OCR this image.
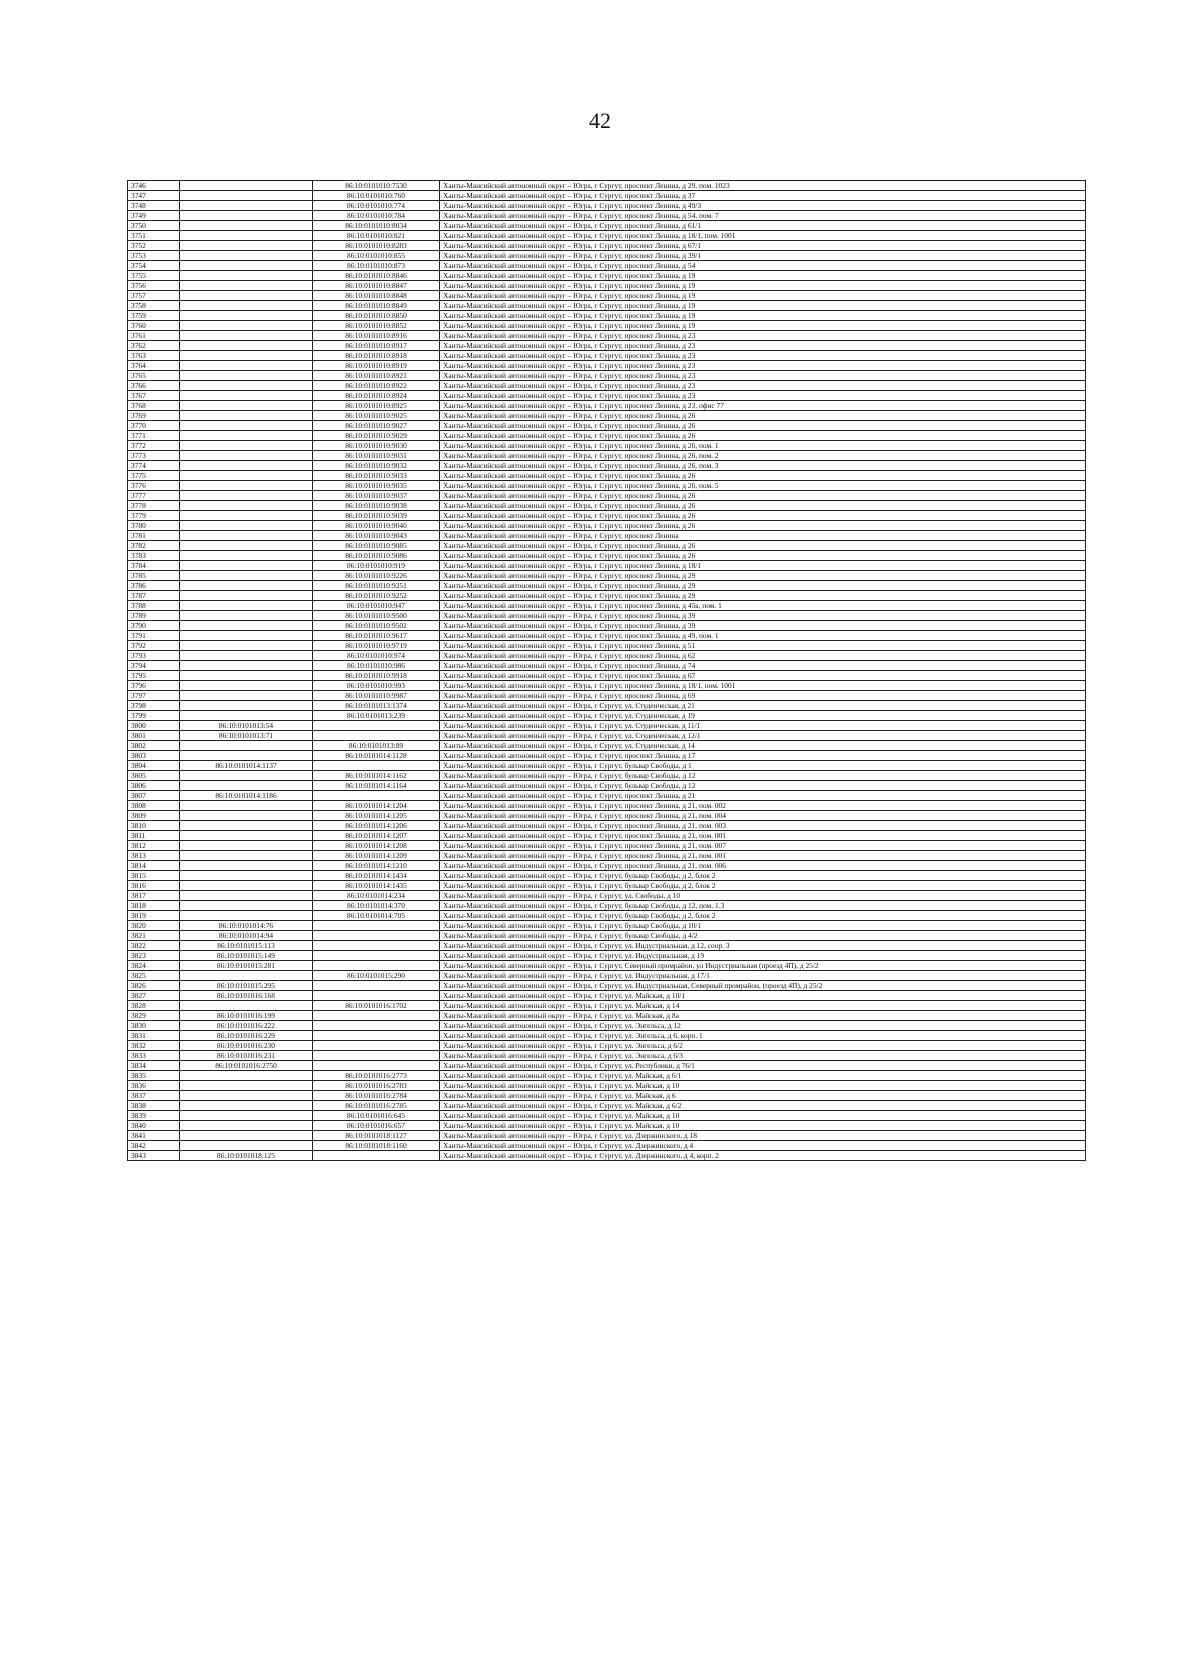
42
3746		86:10:0101010:7530	Ханты-Мансийский автономный округ – Югра, г Сургут, проспект Ленина, д 29, пом. 1023
3747		86:10:0101010:760	Ханты-Мансийский автономный округ – Югра, г Сургут, проспект Ленина, д 37
3748		86:10:0101010:774	Ханты-Мансийский автономный округ – Югра, г Сургут, проспект Ленина, д 49/3
3749		86:10:0101010:784	Ханты-Мансийский автономный округ – Югра, г Сургут, проспект Ленина, д 54, пом. 7
3750		86:10:0101010:8034	Ханты-Мансийский автономный округ – Югра, г Сургут, проспект Ленина, д 61/1
3751		86:10:0101010:821	Ханты-Мансийский автономный округ – Югра, г Сургут, проспект Ленина, д 18/1, пом. 1001
3752		86:10:0101010:8283	Ханты-Мансийский автономный округ – Югра, г Сургут, проспект Ленина, д 67/1
3753		86:10:0101010:855	Ханты-Мансийский автономный округ – Югра, г Сургут, проспект Ленина, д 39/1
3754		86:10:0101010:873	Ханты-Мансийский автономный округ – Югра, г Сургут, проспект Ленина, д 54
3755		86:10:0101010:8846	Ханты-Мансийский автономный округ – Югра, г Сургут, проспект Ленина, д 19
3756		86:10:0101010:8847	Ханты-Мансийский автономный округ – Югра, г Сургут, проспект Ленина, д 19
3757		86:10:0101010:8848	Ханты-Мансийский автономный округ – Югра, г Сургут, проспект Ленина, д 19
3758		86:10:0101010:8849	Ханты-Мансийский автономный округ – Югра, г Сургут, проспект Ленина, д 19
3759		86:10:0101010:8850	Ханты-Мансийский автономный округ – Югра, г Сургут, проспект Ленина, д 19
3760		86:10:0101010:8852	Ханты-Мансийский автономный округ – Югра, г Сургут, проспект Ленина, д 19
3761		86:10:0101010:8916	Ханты-Мансийский автономный округ – Югра, г Сургут, проспект Ленина, д 23
3762		86:10:0101010:8917	Ханты-Мансийский автономный округ – Югра, г Сургут, проспект Ленина, д 23
3763		86:10:0101010:8918	Ханты-Мансийский автономный округ – Югра, г Сургут, проспект Ленина, д 23
3764		86:10:0101010:8919	Ханты-Мансийский автономный округ – Югра, г Сургут, проспект Ленина, д 23
3765		86:10:0101010:8921	Ханты-Мансийский автономный округ – Югра, г Сургут, проспект Ленина, д 23
3766		86:10:0101010:8922	Ханты-Мансийский автономный округ – Югра, г Сургут, проспект Ленина, д 23
3767		86:10:0101010:8924	Ханты-Мансийский автономный округ – Югра, г Сургут, проспект Ленина, д 23
3768		86:10:0101010:8925	Ханты-Мансийский автономный округ – Югра, г Сургут, проспект Ленина, д 23, офис 77
3769		86:10:0101010:9025	Ханты-Мансийский автономный округ – Югра, г Сургут, проспект Ленина, д 26
3770		86:10:0101010:9027	Ханты-Мансийский автономный округ – Югра, г Сургут, проспект Ленина, д 26
3771		86:10:0101010:9029	Ханты-Мансийский автономный округ – Югра, г Сургут, проспект Ленина, д 26
3772		86:10:0101010:9030	Ханты-Мансийский автономный округ – Югра, г Сургут, проспект Ленина, д 26, пом. 1
3773		86:10:0101010:9031	Ханты-Мансийский автономный округ – Югра, г Сургут, проспект Ленина, д 26, пом. 2
3774		86:10:0101010:9032	Ханты-Мансийский автономный округ – Югра, г Сургут, проспект Ленина, д 26, пом. 3
3775		86:10:0101010:9033	Ханты-Мансийский автономный округ – Югра, г Сургут, проспект Ленина, д 26
3776		86:10:0101010:9035	Ханты-Мансийский автономный округ – Югра, г Сургут, проспект Ленина, д 26, пом. 5
3777		86:10:0101010:9037	Ханты-Мансийский автономный округ – Югра, г Сургут, проспект Ленина, д 26
3778		86:10:0101010:9038	Ханты-Мансийский автономный округ – Югра, г Сургут, проспект Ленина, д 26
3779		86:10:0101010:9039	Ханты-Мансийский автономный округ – Югра, г Сургут, проспект Ленина, д 26
3780		86:10:0101010:9040	Ханты-Мансийский автономный округ – Югра, г Сургут, проспект Ленина, д 26
3781		86:10:0101010:9043	Ханты-Мансийский автономный округ – Югра, г Сургут, проспект Ленина
3782		86:10:0101010:9085	Ханты-Мансийский автономный округ – Югра, г Сургут, проспект Ленина, д 26
3783		86:10:0101010:9086	Ханты-Мансийский автономный округ – Югра, г Сургут, проспект Ленина, д 26
3784		86:10:0101010:919	Ханты-Мансийский автономный округ – Югра, г Сургут, проспект Ленина, д 18/1
3785		86:10:0101010:9226	Ханты-Мансийский автономный округ – Югра, г Сургут, проспект Ленина, д 29
3786		86:10:0101010:9251	Ханты-Мансийский автономный округ – Югра, г Сургут, проспект Ленина, д 29
3787		86:10:0101010:9252	Ханты-Мансийский автономный округ – Югра, г Сургут, проспект Ленина, д 29
3788		86:10:0101010:947	Ханты-Мансийский автономный округ – Югра, г Сургут, проспект Ленина, д 45а, пом. 1
3789		86:10:0101010:9500	Ханты-Мансийский автономный округ – Югра, г Сургут, проспект Ленина, д 39
3790		86:10:0101010:9502	Ханты-Мансийский автономный округ – Югра, г Сургут, проспект Ленина, д 39
3791		86:10:0101010:9617	Ханты-Мансийский автономный округ – Югра, г Сургут, проспект Ленина, д 49, пом. 1
3792		86:10:0101010:9719	Ханты-Мансийский автономный округ – Югра, г Сургут, проспект Ленина, д 51
3793		86:10:0101010:974	Ханты-Мансийский автономный округ – Югра, г Сургут, проспект Ленина, д 62
3794		86:10:0101010:986	Ханты-Мансийский автономный округ – Югра, г Сургут, проспект Ленина, д 74
3795		86:10:0101010:9918	Ханты-Мансийский автономный округ – Югра, г Сургут, проспект Ленина, д 67
3796		86:10:0101010:993	Ханты-Мансийский автономный округ – Югра, г Сургут, проспект Ленина, д 18/1, пом. 1001
3797		86:10:0101010:9987	Ханты-Мансийский автономный округ – Югра, г Сургут, проспект Ленина, д 69
3798		86:10:0101013:1374	Ханты-Мансийский автономный округ – Югра, г Сургут, ул. Студенческая, д 21
3799		86:10:0101013:239	Ханты-Мансийский автономный округ – Югра, г Сургут, ул. Студенческая, д 19
3800	86:10:0101013:54		Ханты-Мансийский автономный округ – Югра, г Сургут, ул. Студенческая, д 11/1
3801	86:10:0101013:71		Ханты-Мансийский автономный округ – Югра, г Сургут, ул. Студенческая, д 12/1
3802		86:10:0101013:89	Ханты-Мансийский автономный округ – Югра, г Сургут, ул. Студенческая, д 14
3803		86:10:0101014:1128	Ханты-Мансийский автономный округ – Югра, г Сургут, проспект Ленина, д 17
3804	86:10:0101014:1137		Ханты-Мансийский автономный округ – Югра, г Сургут, бульвар Свободы, д 1
3805		86:10:0101014:1162	Ханты-Мансийский автономный округ – Югра, г Сургут, бульвар Свободы, д 12
3806		86:10:0101014:1164	Ханты-Мансийский автономный округ – Югра, г Сургут, бульвар Свободы, д 12
3807	86:10:0101014:1186		Ханты-Мансийский автономный округ – Югра, г Сургут, проспект Ленина, д 21
3808		86:10:0101014:1204	Ханты-Мансийский автономный округ – Югра, г Сургут, проспект Ленина, д 21, пом. 002
3809		86:10:0101014:1205	Ханты-Мансийский автономный округ – Югра, г Сургут, проспект Ленина, д 21, пом. 004
3810		86:10:0101014:1206	Ханты-Мансийский автономный округ – Югра, г Сургут, проспект Ленина, д 21, пом. 003
3811		86:10:0101014:1207	Ханты-Мансийский автономный округ – Югра, г Сургут, проспект Ленина, д 21, пом. 001
3812		86:10:0101014:1208	Ханты-Мансийский автономный округ – Югра, г Сургут, проспект Ленина, д 21, пом. 007
3813		86:10:0101014:1209	Ханты-Мансийский автономный округ – Югра, г Сургут, проспект Ленина, д 21, пом. 001
3814		86:10:0101014:1210	Ханты-Мансийский автономный округ – Югра, г Сургут, проспект Ленина, д 21, пом. 006
3815		86:10:0101014:1434	Ханты-Мансийский автономный округ – Югра, г Сургут, бульвар Свободы, д 2, блок 2
3816		86:10:0101014:1435	Ханты-Мансийский автономный округ – Югра, г Сургут, бульвар Свободы, д 2, блок 2
3817		86:10:0101014:234	Ханты-Мансийский автономный округ – Югра, г Сургут, ул. Свободы, д 10
3818		86:10:0101014:370	Ханты-Мансийский автономный округ – Югра, г Сургут, бульвар Свободы, д 12, пом. 1.3
3819		86:10:0101014:705	Ханты-Мансийский автономный округ – Югра, г Сургут, бульвар Свободы, д 2, блок 2
3820	86:10:0101014:76		Ханты-Мансийский автономный округ – Югра, г Сургут, бульвар Свободы, д 10/1
3821	86:10:0101014:94		Ханты-Мансийский автономный округ – Югра, г Сургут, бульвар Свободы, д 4/2
3822	86:10:0101015:113		Ханты-Мансийский автономный округ – Югра, г Сургут, ул. Индустриальная, д 12, соор. 3
3823	86:10:0101015:149		Ханты-Мансийский автономный округ – Югра, г Сургут, ул. Индустриальная, д 19
3824	86:10:0101015:281		Ханты-Мансийский автономный округ – Югра, г Сургут, Северный промрайон, ул Индустриальная (проезд 4П), д 25/2
3825		86:10:0101015:290	Ханты-Мансийский автономный округ – Югра, г Сургут, ул. Индустриальная, д 17/1
3826	86:10:0101015:295		Ханты-Мансийский автономный округ – Югра, г Сургут, ул. Индустриальная, Северный промрайон, (проезд 4П), д 25/2
3827	86:10:0101016:168		Ханты-Мансийский автономный округ – Югра, г Сургут, ул. Майская, д 10/1
3828		86:10:0101016:1702	Ханты-Мансийский автономный округ – Югра, г Сургут, ул. Майская, д 14
3829	86:10:0101016:199		Ханты-Мансийский автономный округ – Югра, г Сургут, ул. Майская, д 8а
3830	86:10:0101016:222		Ханты-Мансийский автономный округ – Югра, г Сургут, ул. Энгельса, д 12
3831	86:10:0101016:229		Ханты-Мансийский автономный округ – Югра, г Сургут, ул. Энгельса, д 6, корп. 1
3832	86:10:0101016:230		Ханты-Мансийский автономный округ – Югра, г Сургут, ул. Энгельса, д 6/2
3833	86:10:0101016:231		Ханты-Мансийский автономный округ – Югра, г Сургут, ул. Энгельса, д 6/3
3834	86:10:0101016:2750		Ханты-Мансийский автономный округ – Югра, г Сургут, ул. Республики, д 76/1
3835		86:10:0101016:2773	Ханты-Мансийский автономный округ – Югра, г Сургут, ул. Майская, д 6/1
3836		86:10:0101016:2783	Ханты-Мансийский автономный округ – Югра, г Сургут, ул. Майская, д 10
3837		86:10:0101016:2784	Ханты-Мансийский автономный округ – Югра, г Сургут, ул. Майская, д 6
3838		86:10:0101016:2785	Ханты-Мансийский автономный округ – Югра, г Сургут, ул. Майская, д 6/2
3839		86:10:0101016:645	Ханты-Мансийский автономный округ – Югра, г Сургут, ул. Майская, д 10
3840		86:10:0101016:657	Ханты-Мансийский автономный округ – Югра, г Сургут, ул. Майская, д 10
3841		86:10:0101018:1127	Ханты-Мансийский автономный округ – Югра, г Сургут, ул. Дзержинского, д 18
3842		86:10:0101018:1160	Ханты-Мансийский автономный округ – Югра, г Сургут, ул. Дзержинского, д 4
3843	86:10:0101018:125		Ханты-Мансийский автономный округ – Югра, г Сургут, ул. Дзержинского, д 4, корп. 2
